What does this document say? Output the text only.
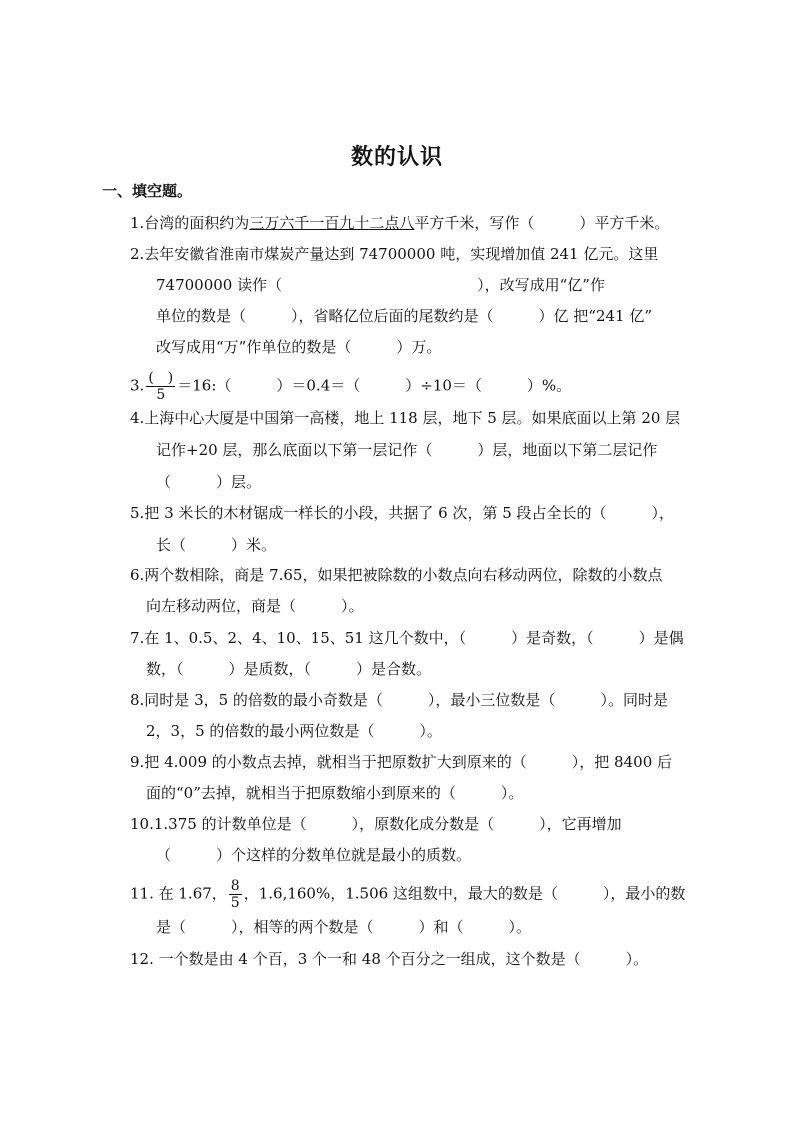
数的认识
一、填空题。
1.台湾的面积约为三万六千一百九十二点八平方千米，写作（　　　）平方千米。
2.去年安徽省淮南市煤炭产量达到 74700000 吨，实现增加值 241 亿元。这里
74700000 读作（　　　　　　　　　　　　　），改写成用“亿”作
单位的数是（　　　），省略亿位后面的尾数约是（　　　）亿 把“241 亿”
改写成用“万”作单位的数是（　　　）万。
3. $\frac{( )}{5}$ ＝16:（　　　）＝0.4＝（　　　）÷10＝（　　　）%。
4.上海中心大厦是中国第一高楼，地上 118 层，地下 5 层。如果底面以上第 20 层
记作+20 层，那么底面以下第一层记作（　　　）层，地面以下第二层记作
（　　　）层。
5.把 3 米长的木材锯成一样长的小段，共据了 6 次，第 5 段占全长的（　　　），
长（　　　）米。
6.两个数相除，商是 7.65，如果把被除数的小数点向右移动两位，除数的小数点
向左移动两位，商是（　　　）。
7.在 1、0.5、2、4、10、15、51 这几个数中，（　　　）是奇数，（　　　）是偶
数，（　　　）是质数，（　　　）是合数。
8.同时是 3，5 的倍数的最小奇数是（　　　），最小三位数是（　　　）。同时是
2，3，5 的倍数的最小两位数是（　　　）。
9.把 4.009 的小数点去掉，就相当于把原数扩大到原来的（　　　），把 8400 后
面的“0”去掉，就相当于把原数缩小到原来的（　　　）。
10.1.375 的计数单位是（　　　），原数化成分数是（　　　），它再增加
（　　　）个这样的分数单位就是最小的质数。
11. 在 1.67， $\frac{8}{5}$ ，1.6,160%，1.506 这组数中，最大的数是（　　　），最小的数
是（　　　），相等的两个数是（　　　）和（　　　）。
12. 一个数是由 4 个百，3 个一和 48 个百分之一组成，这个数是（　　　）。
